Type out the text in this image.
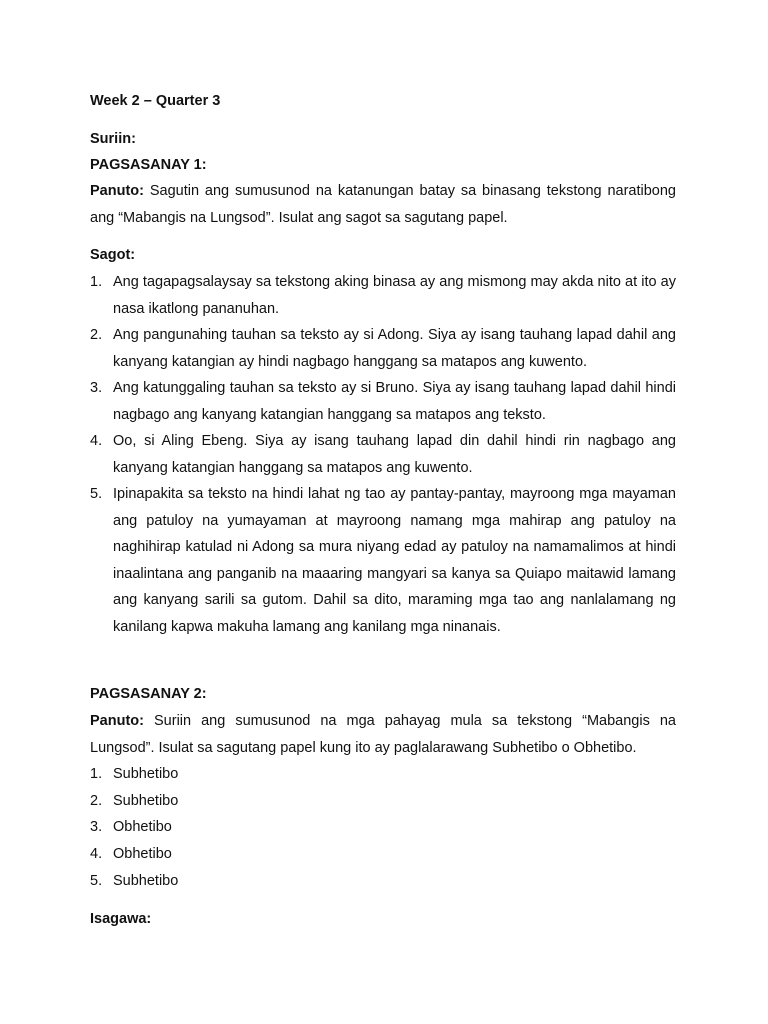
Week 2 – Quarter 3
Suriin:
PAGSASANAY 1:
Panuto: Sagutin ang sumusunod na katanungan batay sa binasang tekstong naratibong ang “Mabangis na Lungsod”. Isulat ang sagot sa sagutang papel.
Sagot:
1. Ang tagapagsalaysay sa tekstong aking binasa ay ang mismong may akda nito at ito ay nasa ikatlong pananuhan.
2. Ang pangunahing tauhan sa teksto ay si Adong. Siya ay isang tauhang lapad dahil ang kanyang katangian ay hindi nagbago hanggang sa matapos ang kuwento.
3. Ang katunggaling tauhan sa teksto ay si Bruno. Siya ay isang tauhang lapad dahil hindi nagbago ang kanyang katangian hanggang sa matapos ang teksto.
4. Oo, si Aling Ebeng. Siya ay isang tauhang lapad din dahil hindi rin nagbago ang kanyang katangian hanggang sa matapos ang kuwento.
5. Ipinapakita sa teksto na hindi lahat ng tao ay pantay-pantay, mayroong mga mayaman ang patuloy na yumayaman at mayroong namang mga mahirap ang patuloy na naghihirap katulad ni Adong sa mura niyang edad ay patuloy na namamalimos at hindi inaalintana ang panganib na maaaring mangyari sa kanya sa Quiapo maitawid lamang ang kanyang sarili sa gutom. Dahil sa dito, maraming mga tao ang nanlalamang ng kanilang kapwa makuha lamang ang kanilang mga ninanais.
PAGSASANAY 2:
Panuto: Suriin ang sumusunod na mga pahayag mula sa tekstong “Mabangis na Lungsod”. Isulat sa sagutang papel kung ito ay paglalarawang Subhetibo o Obhetibo.
1. Subhetibo
2. Subhetibo
3. Obhetibo
4. Obhetibo
5. Subhetibo
Isagawa:
